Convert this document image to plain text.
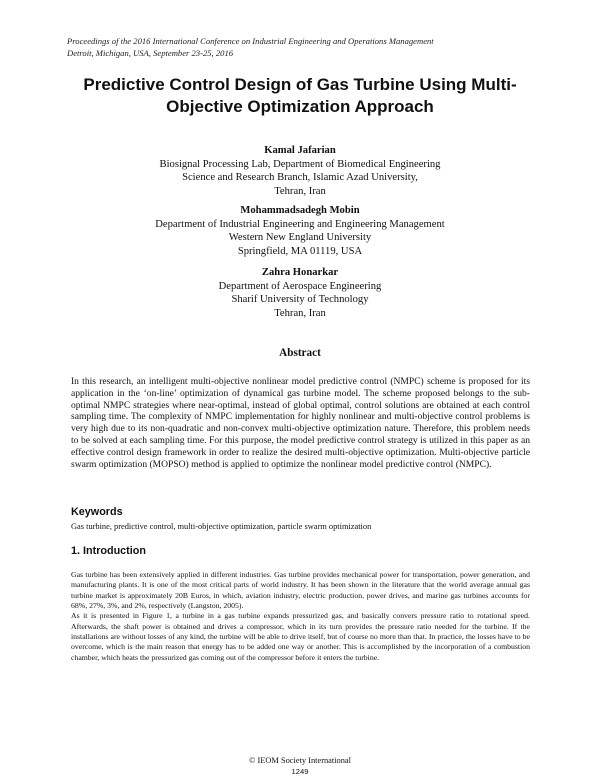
Proceedings of the 2016 International Conference on Industrial Engineering and Operations Management
Detroit, Michigan, USA, September 23-25, 2016
Predictive Control Design of Gas Turbine Using Multi-
Objective Optimization Approach
Kamal Jafarian
Biosignal Processing Lab, Department of Biomedical Engineering
Science and Research Branch, Islamic Azad University,
Tehran, Iran
Mohammadsadegh Mobin
Department of Industrial Engineering and Engineering Management
Western New England University
Springfield, MA 01119, USA
Zahra Honarkar
Department of Aerospace Engineering
Sharif University of Technology
Tehran, Iran
Abstract
In this research, an intelligent multi-objective nonlinear model predictive control (NMPC) scheme is proposed for its application in the ‘on-line’ optimization of dynamical gas turbine model. The scheme proposed belongs to the sub-optimal NMPC strategies where near-optimal, instead of global optimal, control solutions are obtained at each control sampling time. The complexity of NMPC implementation for highly nonlinear and multi-objective control problems is very high due to its non-quadratic and non-convex multi-objective optimization nature. Therefore, this problem needs to be solved at each sampling time. For this purpose, the model predictive control strategy is utilized in this paper as an effective control design framework in order to realize the desired multi-objective optimization. Multi-objective particle swarm optimization (MOPSO) method is applied to optimize the nonlinear model predictive control (NMPC).
Keywords
Gas turbine, predictive control, multi-objective optimization, particle swarm optimization
1. Introduction

Gas turbine has been extensively applied in different industries. Gas turbine provides mechanical power for transportation, power generation, and manufacturing plants. It is one of the most critical parts of world industry. It has been shown in the literature that the world average annual gas turbine market is approximately 20B Euros, in which, aviation industry, electric production, power drives, and marine gas turbines accounts for 68%, 27%, 3%, and 2%, respectively (Langston, 2005).

As it is presented in Figure 1, a turbine in a gas turbine expands pressurized gas, and basically convers pressure ratio to rotational speed. Afterwards, the shaft power is obtained and drives a compressor, which in its turn provides the pressure ratio needed for the turbine. If the installations are without losses of any kind, the turbine will be able to drive itself, but of course no more than that. In practice, the losses have to be overcome, which is the main reason that energy has to be added one way or another. This is accomplished by the incorporation of a combustion chamber, which heats the pressurized gas coming out of the compressor before it enters the turbine.

© IEOM Society International
1249
